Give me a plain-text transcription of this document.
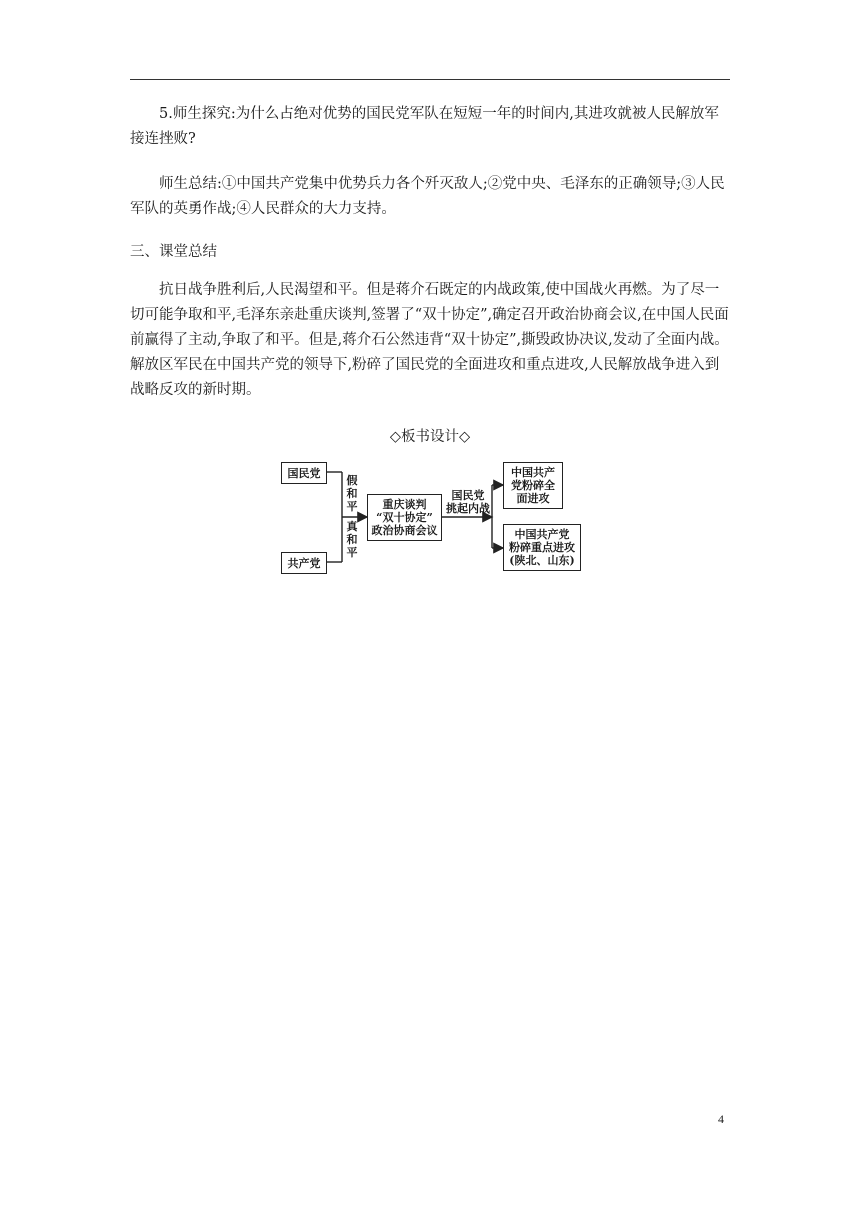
5.师生探究:为什么占绝对优势的国民党军队在短短一年的时间内,其进攻就被人民解放军接连挫败?

师生总结:①中国共产党集中优势兵力各个歼灭敌人;②党中央、毛泽东的正确领导;③人民军队的英勇作战;④人民群众的大力支持。

三、课堂总结

抗日战争胜利后,人民渴望和平。但是蒋介石既定的内战政策,使中国战火再燃。为了尽一切可能争取和平,毛泽东亲赴重庆谈判,签署了“双十协定”,确定召开政治协商会议,在中国人民面前赢得了主动,争取了和平。但是,蒋介石公然违背“双十协定”,撕毁政协决议,发动了全面内战。解放区军民在中国共产党的领导下,粉碎了国民党的全面进攻和重点进攻,人民解放战争进入到战略反攻的新时期。

◇板书设计◇
国民党
共产党
假
和
平
真
和
平
重庆谈判
“双十协定”
政治协商会议
国民党
挑起内战
中国共产
党粉碎全
面进攻
中国共产党
粉碎重点进攻
(陕北、山东)
4
